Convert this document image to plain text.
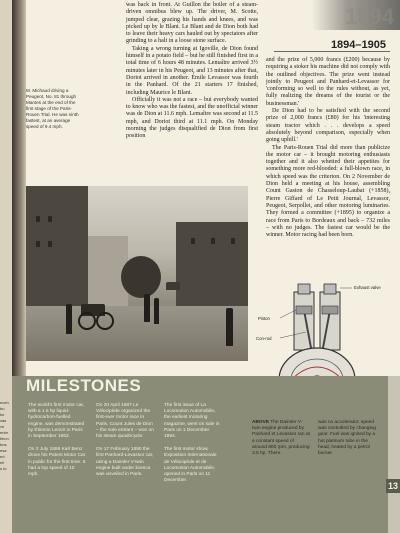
eceh
bu
kn
vas
ve
enbr
tleun
bus
esa
ed
ell
s to
1894
1894–1905
M. Michaud driving a Peugeot, No. 81 through Mantes at the end of the first stage of the Paris-Rouen Trial. He was ninth fastest, at an average speed of 9.4 mph.

was back in front. At Guillon the boiler of a steam-driven omnibus blew up. The driver, M. Scotte, jumped clear, grazing his hands and knees, and was picked up by le Blant. Le Blant and de Dion both had to leave their heavy cars hauled out by spectators after grinding to a halt in a loose stone surface.

Taking a wrong turning at Igoville, de Dion found himself in a potato field – but he still finished first in a total time of 6 hours 48 minutes. Lemaître arrived 3½ minutes later in his Peugeot, and 13 minutes after that, Doriot arrived in another. Émile Levassor was fourth in the Panhard. Of the 21 starters 17 finished, including Maurice le Blant.

Officially it was not a race – but everybody wanted to know who was the fastest, and the unofficial winner was de Dion at 11.6 mph. Lemaître was second at 11.5 mph, and Doriot third at 11.1 mph. On Monday morning the judges disqualified de Dion from first position

and the prize of 5,000 francs (£200) because by requiring a stoker his machine did not comply with the outlined objectives. The prize went instead jointly to Peugeot and Panhard-et-Levassor for 'conforming so well to the rules without, as yet, fully realizing the dreams of the tourist or the businessman.'

De Dion had to be satisfied with the second prize of 2,000 francs (£80) for his 'interesting steam tractor which . . . develops a speed absolutely beyond comparison, especially when going uphill.'

The Paris-Rouen Trial did more than publicize the motor car – it brought motoring enthusiasts together and it also whetted their appetites for something more red-blooded: a full-blown race, in which speed was the criterion. On 2 November de Dion held a meeting at his house, assembling Count Gaston de Chasseloup-Laubat (+1858), Pierre Giffard of Le Petit Journal, Levassor, Peugeot, Serpollet, and other motoring luminaries. They formed a committee (+1895) to organize a race from Paris to Bordeaux and back – 732 miles – with no judges. The fastest car would be the winner. Motor racing had been born.

Exhaust valve
Piston
Con-rod
MILESTONES

The world's first motor car, with a 1.5 hp liquid-hydrocarbon-fuelled engine, was demonstrated by Étienne Lenoir in Paris in September 1863.

On 3 July 1886 Karl Benz drove his Patent Motor Car in public for the first time. It had a top speed of 10 mph.

On 20 April 1887 Le Vélocipède organized the first-ever motor race in Paris. Count Jules de Dion – the sole entrant – won on his steam quadricycle.

On 17 February 1890 the first Panhard-Levassor car, using a Daimler V-twin engine built under licence was unveiled in Paris.

The first issue of La Locomotion Automobile, the earliest motoring magazine, went on sale in Paris on 1 December 1894.

The first motor show, Exposition Internationale de Vélocipède et de Locomotion Automobile, opened in Paris on 11 December.

ABOVE The Daimler V-twin engine produced by Panhard et Levassor ran at a constant speed of around 800 rpm, producing 3.5 hp. There
was no accelerator; speed was controlled by changing gear. Fuel was ignited by a hot platinum tube in the head, heated by a petrol burner.
13
